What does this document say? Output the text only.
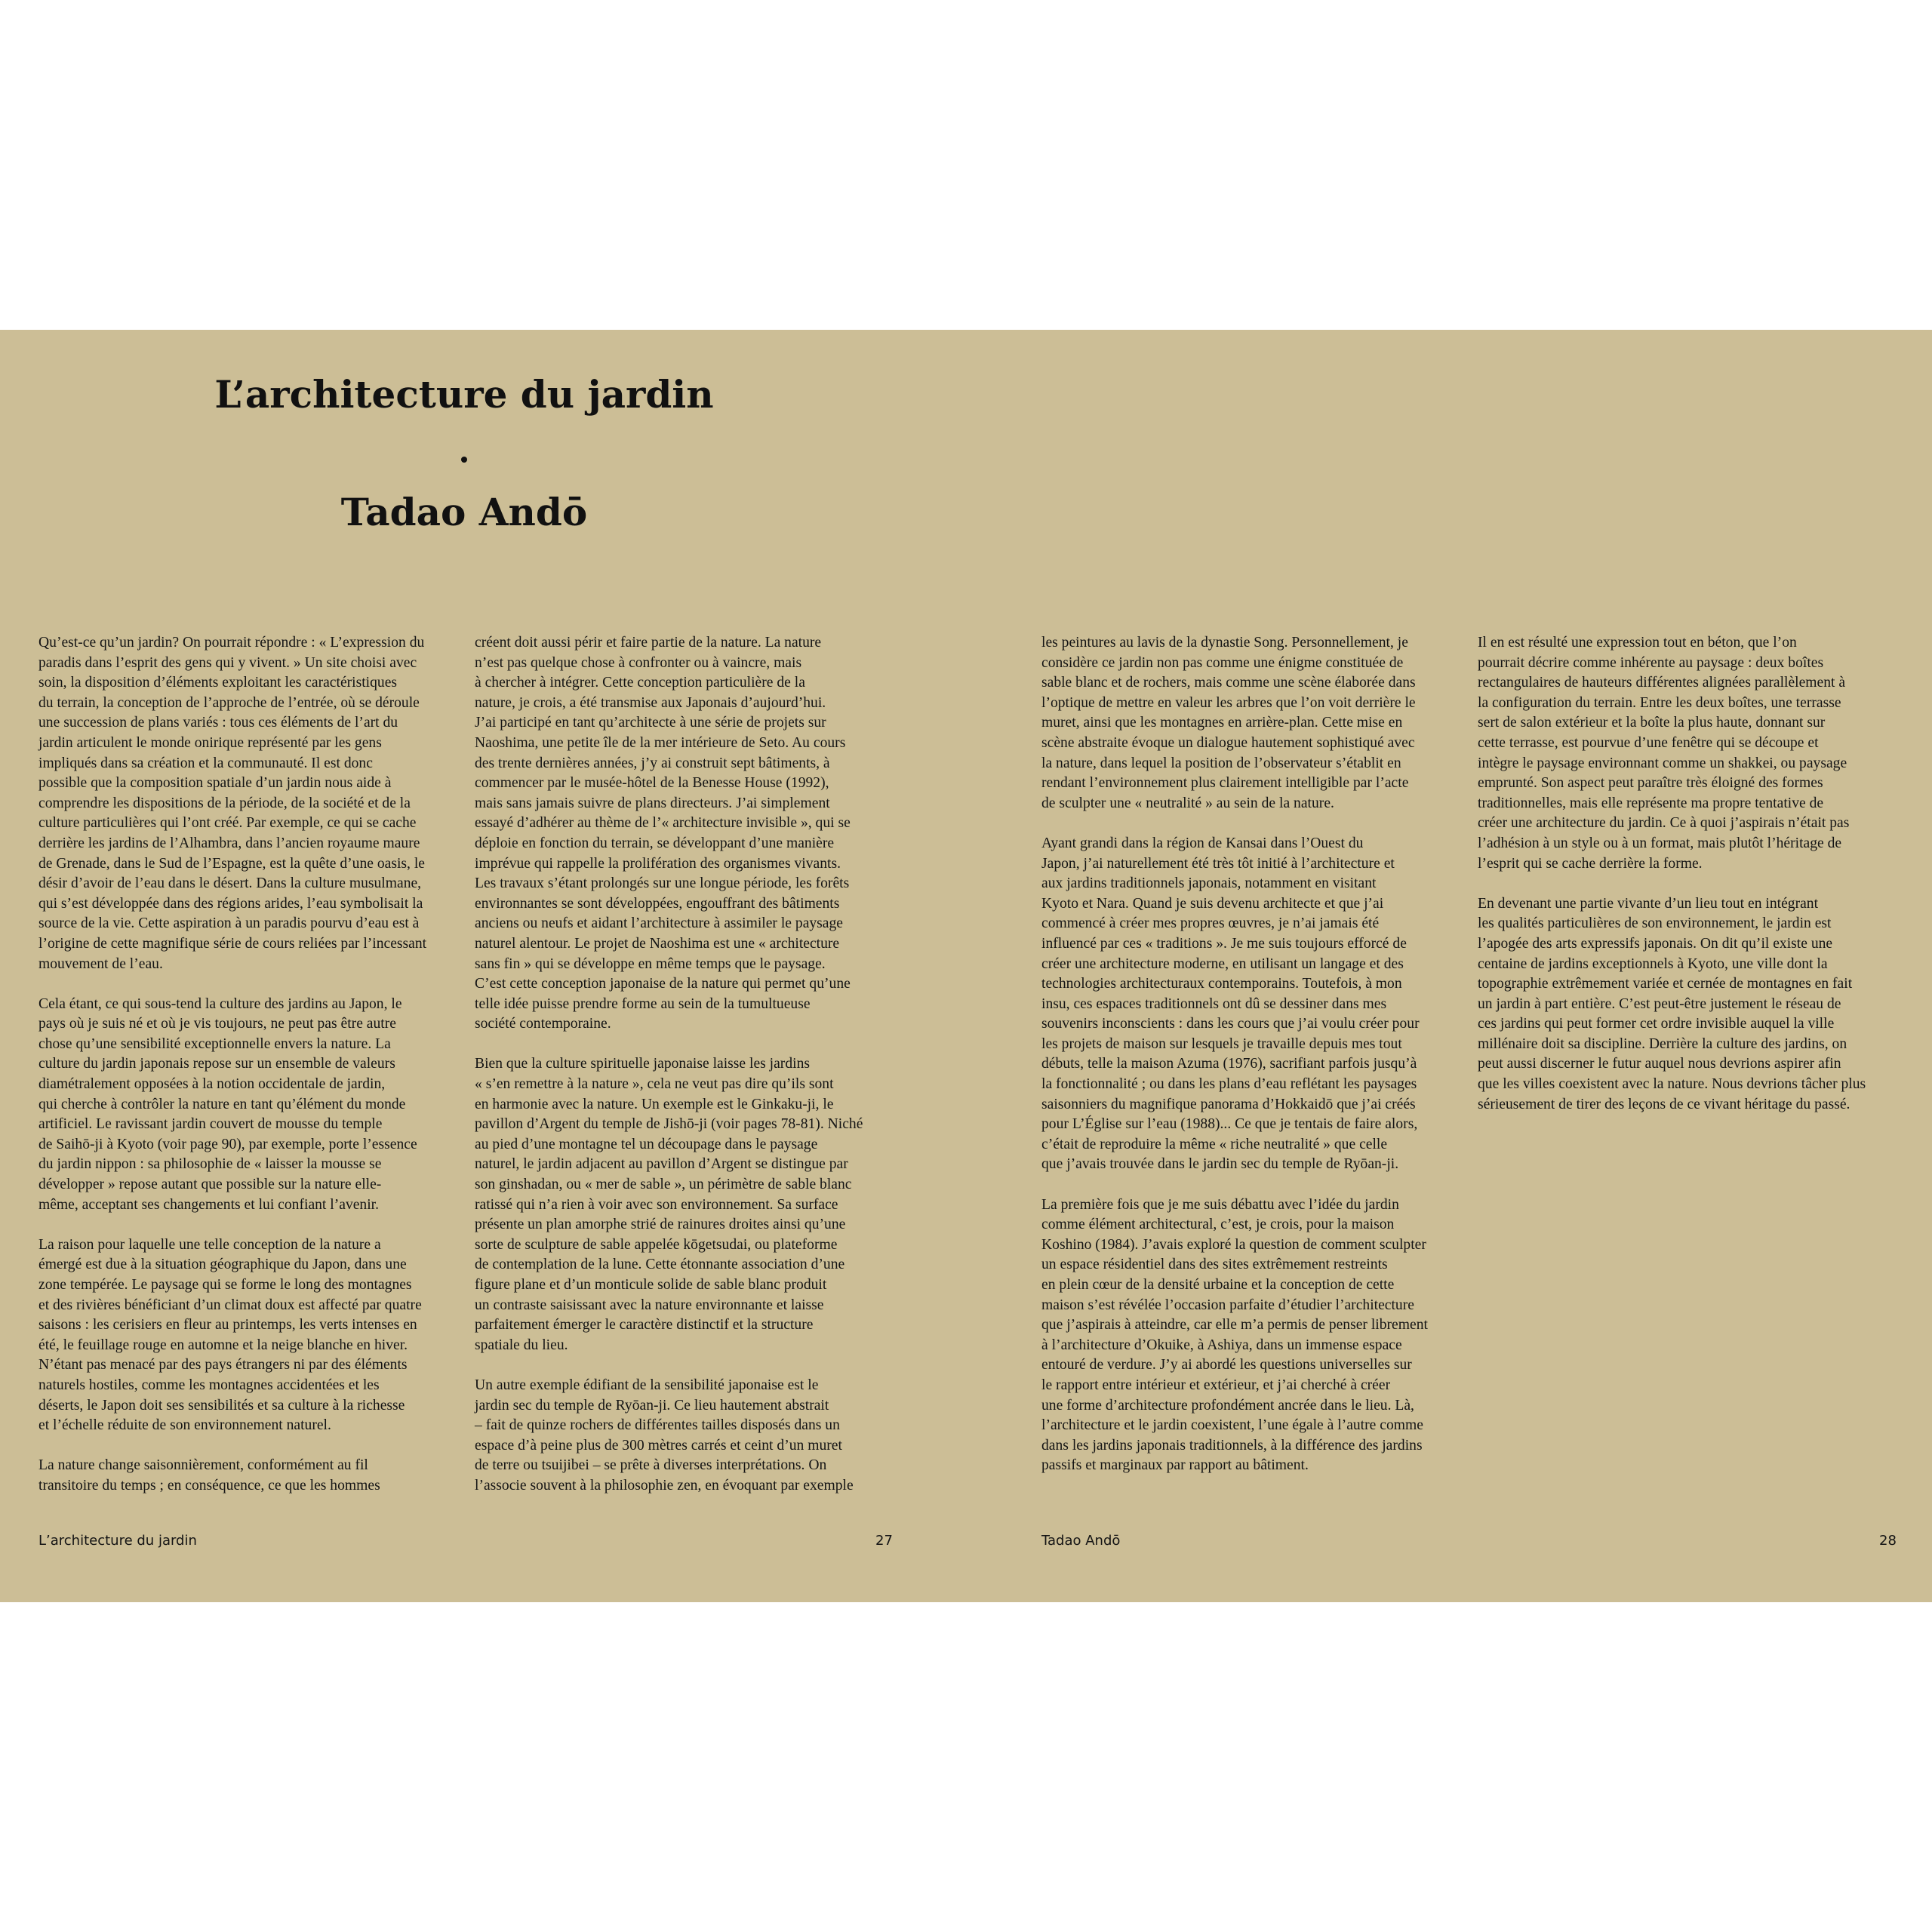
L’architecture du jardin
Tadao Andō

Qu’est-ce qu’un jardin? On pourrait répondre : « L’expression du
paradis dans l’esprit des gens qui y vivent. » Un site choisi avec
soin, la disposition d’éléments exploitant les caractéristiques
du terrain, la conception de l’approche de l’entrée, où se déroule
une succession de plans variés : tous ces éléments de l’art du
jardin articulent le monde onirique représenté par les gens
impliqués dans sa création et la communauté. Il est donc
possible que la composition spatiale d’un jardin nous aide à
comprendre les dispositions de la période, de la société et de la
culture particulières qui l’ont créé. Par exemple, ce qui se cache
derrière les jardins de l’Alhambra, dans l’ancien royaume maure
de Grenade, dans le Sud de l’Espagne, est la quête d’une oasis, le
désir d’avoir de l’eau dans le désert. Dans la culture musulmane,
qui s’est développée dans des régions arides, l’eau symbolisait la
source de la vie. Cette aspiration à un paradis pourvu d’eau est à
l’origine de cette magnifique série de cours reliées par l’incessant
mouvement de l’eau.

Cela étant, ce qui sous-tend la culture des jardins au Japon, le
pays où je suis né et où je vis toujours, ne peut pas être autre
chose qu’une sensibilité exceptionnelle envers la nature. La
culture du jardin japonais repose sur un ensemble de valeurs
diamétralement opposées à la notion occidentale de jardin,
qui cherche à contrôler la nature en tant qu’élément du monde
artificiel. Le ravissant jardin couvert de mousse du temple
de Saihō-ji à Kyoto (voir page 90), par exemple, porte l’essence
du jardin nippon : sa philosophie de « laisser la mousse se
développer » repose autant que possible sur la nature elle-
même, acceptant ses changements et lui confiant l’avenir.

La raison pour laquelle une telle conception de la nature a
émergé est due à la situation géographique du Japon, dans une
zone tempérée. Le paysage qui se forme le long des montagnes
et des rivières bénéficiant d’un climat doux est affecté par quatre
saisons : les cerisiers en fleur au printemps, les verts intenses en
été, le feuillage rouge en automne et la neige blanche en hiver.
N’étant pas menacé par des pays étrangers ni par des éléments
naturels hostiles, comme les montagnes accidentées et les
déserts, le Japon doit ses sensibilités et sa culture à la richesse
et l’échelle réduite de son environnement naturel.

La nature change saisonnièrement, conformément au fil
transitoire du temps ; en conséquence, ce que les hommes

créent doit aussi périr et faire partie de la nature. La nature
n’est pas quelque chose à confronter ou à vaincre, mais
à chercher à intégrer. Cette conception particulière de la
nature, je crois, a été transmise aux Japonais d’aujourd’hui.
J’ai participé en tant qu’architecte à une série de projets sur
Naoshima, une petite île de la mer intérieure de Seto. Au cours
des trente dernières années, j’y ai construit sept bâtiments, à
commencer par le musée-hôtel de la Benesse House (1992),
mais sans jamais suivre de plans directeurs. J’ai simplement
essayé d’adhérer au thème de l’« architecture invisible », qui se
déploie en fonction du terrain, se développant d’une manière
imprévue qui rappelle la prolifération des organismes vivants.
Les travaux s’étant prolongés sur une longue période, les forêts
environnantes se sont développées, engouffrant des bâtiments
anciens ou neufs et aidant l’architecture à assimiler le paysage
naturel alentour. Le projet de Naoshima est une « architecture
sans fin » qui se développe en même temps que le paysage.
C’est cette conception japonaise de la nature qui permet qu’une
telle idée puisse prendre forme au sein de la tumultueuse
société contemporaine.

Bien que la culture spirituelle japonaise laisse les jardins
« s’en remettre à la nature », cela ne veut pas dire qu’ils sont
en harmonie avec la nature. Un exemple est le Ginkaku-ji, le
pavillon d’Argent du temple de Jishō-ji (voir pages 78-81). Niché
au pied d’une montagne tel un découpage dans le paysage
naturel, le jardin adjacent au pavillon d’Argent se distingue par
son ginshadan, ou « mer de sable », un périmètre de sable blanc
ratissé qui n’a rien à voir avec son environnement. Sa surface
présente un plan amorphe strié de rainures droites ainsi qu’une
sorte de sculpture de sable appelée kōgetsudai, ou plateforme
de contemplation de la lune. Cette étonnante association d’une
figure plane et d’un monticule solide de sable blanc produit
un contraste saisissant avec la nature environnante et laisse
parfaitement émerger le caractère distinctif et la structure
spatiale du lieu.

Un autre exemple édifiant de la sensibilité japonaise est le
jardin sec du temple de Ryōan-ji. Ce lieu hautement abstrait
– fait de quinze rochers de différentes tailles disposés dans un
espace d’à peine plus de 300 mètres carrés et ceint d’un muret
de terre ou tsuijibei – se prête à diverses interprétations. On
l’associe souvent à la philosophie zen, en évoquant par exemple

les peintures au lavis de la dynastie Song. Personnellement, je
considère ce jardin non pas comme une énigme constituée de
sable blanc et de rochers, mais comme une scène élaborée dans
l’optique de mettre en valeur les arbres que l’on voit derrière le
muret, ainsi que les montagnes en arrière-plan. Cette mise en
scène abstraite évoque un dialogue hautement sophistiqué avec
la nature, dans lequel la position de l’observateur s’établit en
rendant l’environnement plus clairement intelligible par l’acte
de sculpter une « neutralité » au sein de la nature.

Ayant grandi dans la région de Kansai dans l’Ouest du
Japon, j’ai naturellement été très tôt initié à l’architecture et
aux jardins traditionnels japonais, notamment en visitant
Kyoto et Nara. Quand je suis devenu architecte et que j’ai
commencé à créer mes propres œuvres, je n’ai jamais été
influencé par ces « traditions ». Je me suis toujours efforcé de
créer une architecture moderne, en utilisant un langage et des
technologies architecturaux contemporains. Toutefois, à mon
insu, ces espaces traditionnels ont dû se dessiner dans mes
souvenirs inconscients : dans les cours que j’ai voulu créer pour
les projets de maison sur lesquels je travaille depuis mes tout
débuts, telle la maison Azuma (1976), sacrifiant parfois jusqu’à
la fonctionnalité ; ou dans les plans d’eau reflétant les paysages
saisonniers du magnifique panorama d’Hokkaidō que j’ai créés
pour L’Église sur l’eau (1988)... Ce que je tentais de faire alors,
c’était de reproduire la même « riche neutralité » que celle
que j’avais trouvée dans le jardin sec du temple de Ryōan-ji.

La première fois que je me suis débattu avec l’idée du jardin
comme élément architectural, c’est, je crois, pour la maison
Koshino (1984). J’avais exploré la question de comment sculpter
un espace résidentiel dans des sites extrêmement restreints
en plein cœur de la densité urbaine et la conception de cette
maison s’est révélée l’occasion parfaite d’étudier l’architecture
que j’aspirais à atteindre, car elle m’a permis de penser librement
à l’architecture d’Okuike, à Ashiya, dans un immense espace
entouré de verdure. J’y ai abordé les questions universelles sur
le rapport entre intérieur et extérieur, et j’ai cherché à créer
une forme d’architecture profondément ancrée dans le lieu. Là,
l’architecture et le jardin coexistent, l’une égale à l’autre comme
dans les jardins japonais traditionnels, à la différence des jardins
passifs et marginaux par rapport au bâtiment.

Il en est résulté une expression tout en béton, que l’on
pourrait décrire comme inhérente au paysage : deux boîtes
rectangulaires de hauteurs différentes alignées parallèlement à
la configuration du terrain. Entre les deux boîtes, une terrasse
sert de salon extérieur et la boîte la plus haute, donnant sur
cette terrasse, est pourvue d’une fenêtre qui se découpe et
intègre le paysage environnant comme un shakkei, ou paysage
emprunté. Son aspect peut paraître très éloigné des formes
traditionnelles, mais elle représente ma propre tentative de
créer une architecture du jardin. Ce à quoi j’aspirais n’était pas
l’adhésion à un style ou à un format, mais plutôt l’héritage de
l’esprit qui se cache derrière la forme.

En devenant une partie vivante d’un lieu tout en intégrant
les qualités particulières de son environnement, le jardin est
l’apogée des arts expressifs japonais. On dit qu’il existe une
centaine de jardins exceptionnels à Kyoto, une ville dont la
topographie extrêmement variée et cernée de montagnes en fait
un jardin à part entière. C’est peut-être justement le réseau de
ces jardins qui peut former cet ordre invisible auquel la ville
millénaire doit sa discipline. Derrière la culture des jardins, on
peut aussi discerner le futur auquel nous devrions aspirer afin
que les villes coexistent avec la nature. Nous devrions tâcher plus
sérieusement de tirer des leçons de ce vivant héritage du passé.

L’architecture du jardin	27	Tadao Andō	28
